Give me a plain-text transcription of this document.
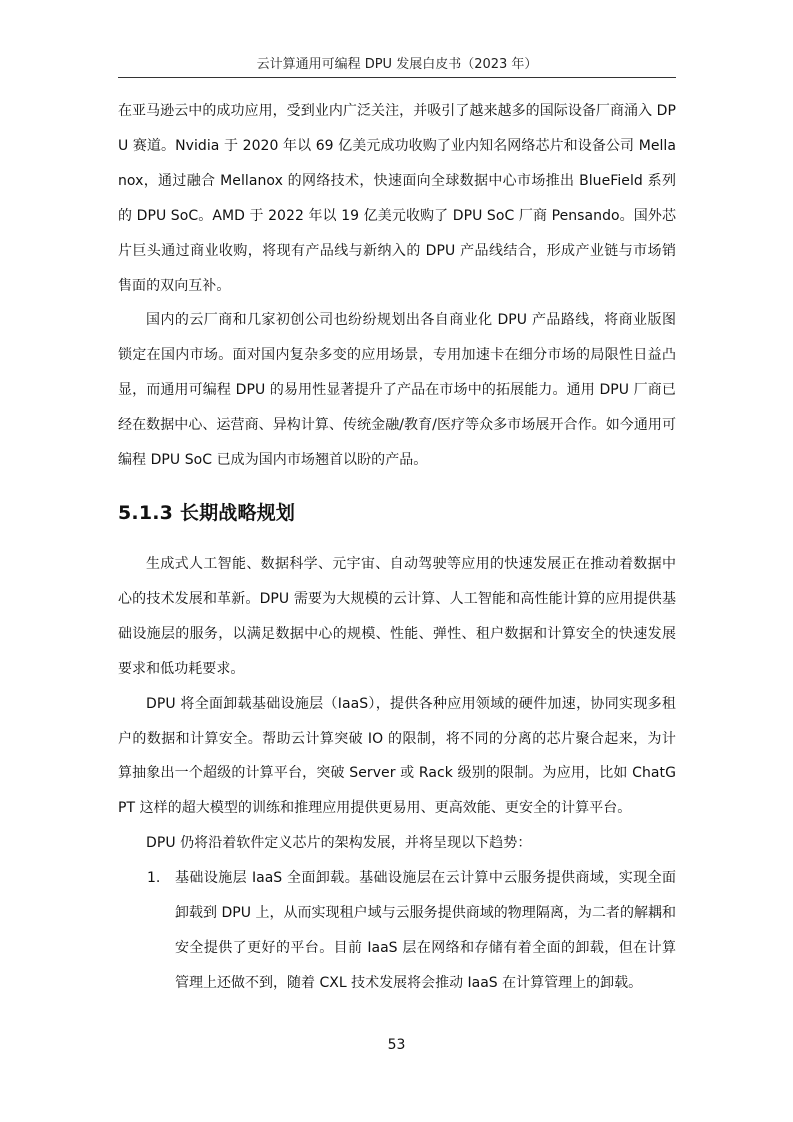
云计算通用可编程 DPU 发展白皮书（2023 年）

在亚马逊云中的成功应用，受到业内广泛关注，并吸引了越来越多的国际设备厂商涌入 DPU 赛道。Nvidia 于 2020 年以 69 亿美元成功收购了业内知名网络芯片和设备公司 Mellanox，通过融合 Mellanox 的网络技术，快速面向全球数据中心市场推出 BlueField 系列的 DPU SoC。AMD 于 2022 年以 19 亿美元收购了 DPU SoC 厂商 Pensando。国外芯片巨头通过商业收购，将现有产品线与新纳入的 DPU 产品线结合，形成产业链与市场销售面的双向互补。

国内的云厂商和几家初创公司也纷纷规划出各自商业化 DPU 产品路线，将商业版图锁定在国内市场。面对国内复杂多变的应用场景，专用加速卡在细分市场的局限性日益凸显，而通用可编程 DPU 的易用性显著提升了产品在市场中的拓展能力。通用 DPU 厂商已经在数据中心、运营商、异构计算、传统金融/教育/医疗等众多市场展开合作。如今通用可编程 DPU SoC 已成为国内市场翘首以盼的产品。

5.1.3 长期战略规划

生成式人工智能、数据科学、元宇宙、自动驾驶等应用的快速发展正在推动着数据中心的技术发展和革新。DPU 需要为大规模的云计算、人工智能和高性能计算的应用提供基础设施层的服务，以满足数据中心的规模、性能、弹性、租户数据和计算安全的快速发展要求和低功耗要求。

DPU 将全面卸载基础设施层（IaaS），提供各种应用领域的硬件加速，协同实现多租户的数据和计算安全。帮助云计算突破 IO 的限制，将不同的分离的芯片聚合起来，为计算抽象出一个超级的计算平台，突破 Server 或 Rack 级别的限制。为应用，比如 ChatGPT 这样的超大模型的训练和推理应用提供更易用、更高效能、更安全的计算平台。

DPU 仍将沿着软件定义芯片的架构发展，并将呈现以下趋势：

1. 基础设施层 IaaS 全面卸载。基础设施层在云计算中云服务提供商域，实现全面卸载到 DPU 上，从而实现租户域与云服务提供商域的物理隔离，为二者的解耦和安全提供了更好的平台。目前 IaaS 层在网络和存储有着全面的卸载，但在计算管理上还做不到，随着 CXL 技术发展将会推动 IaaS 在计算管理上的卸载。
53
